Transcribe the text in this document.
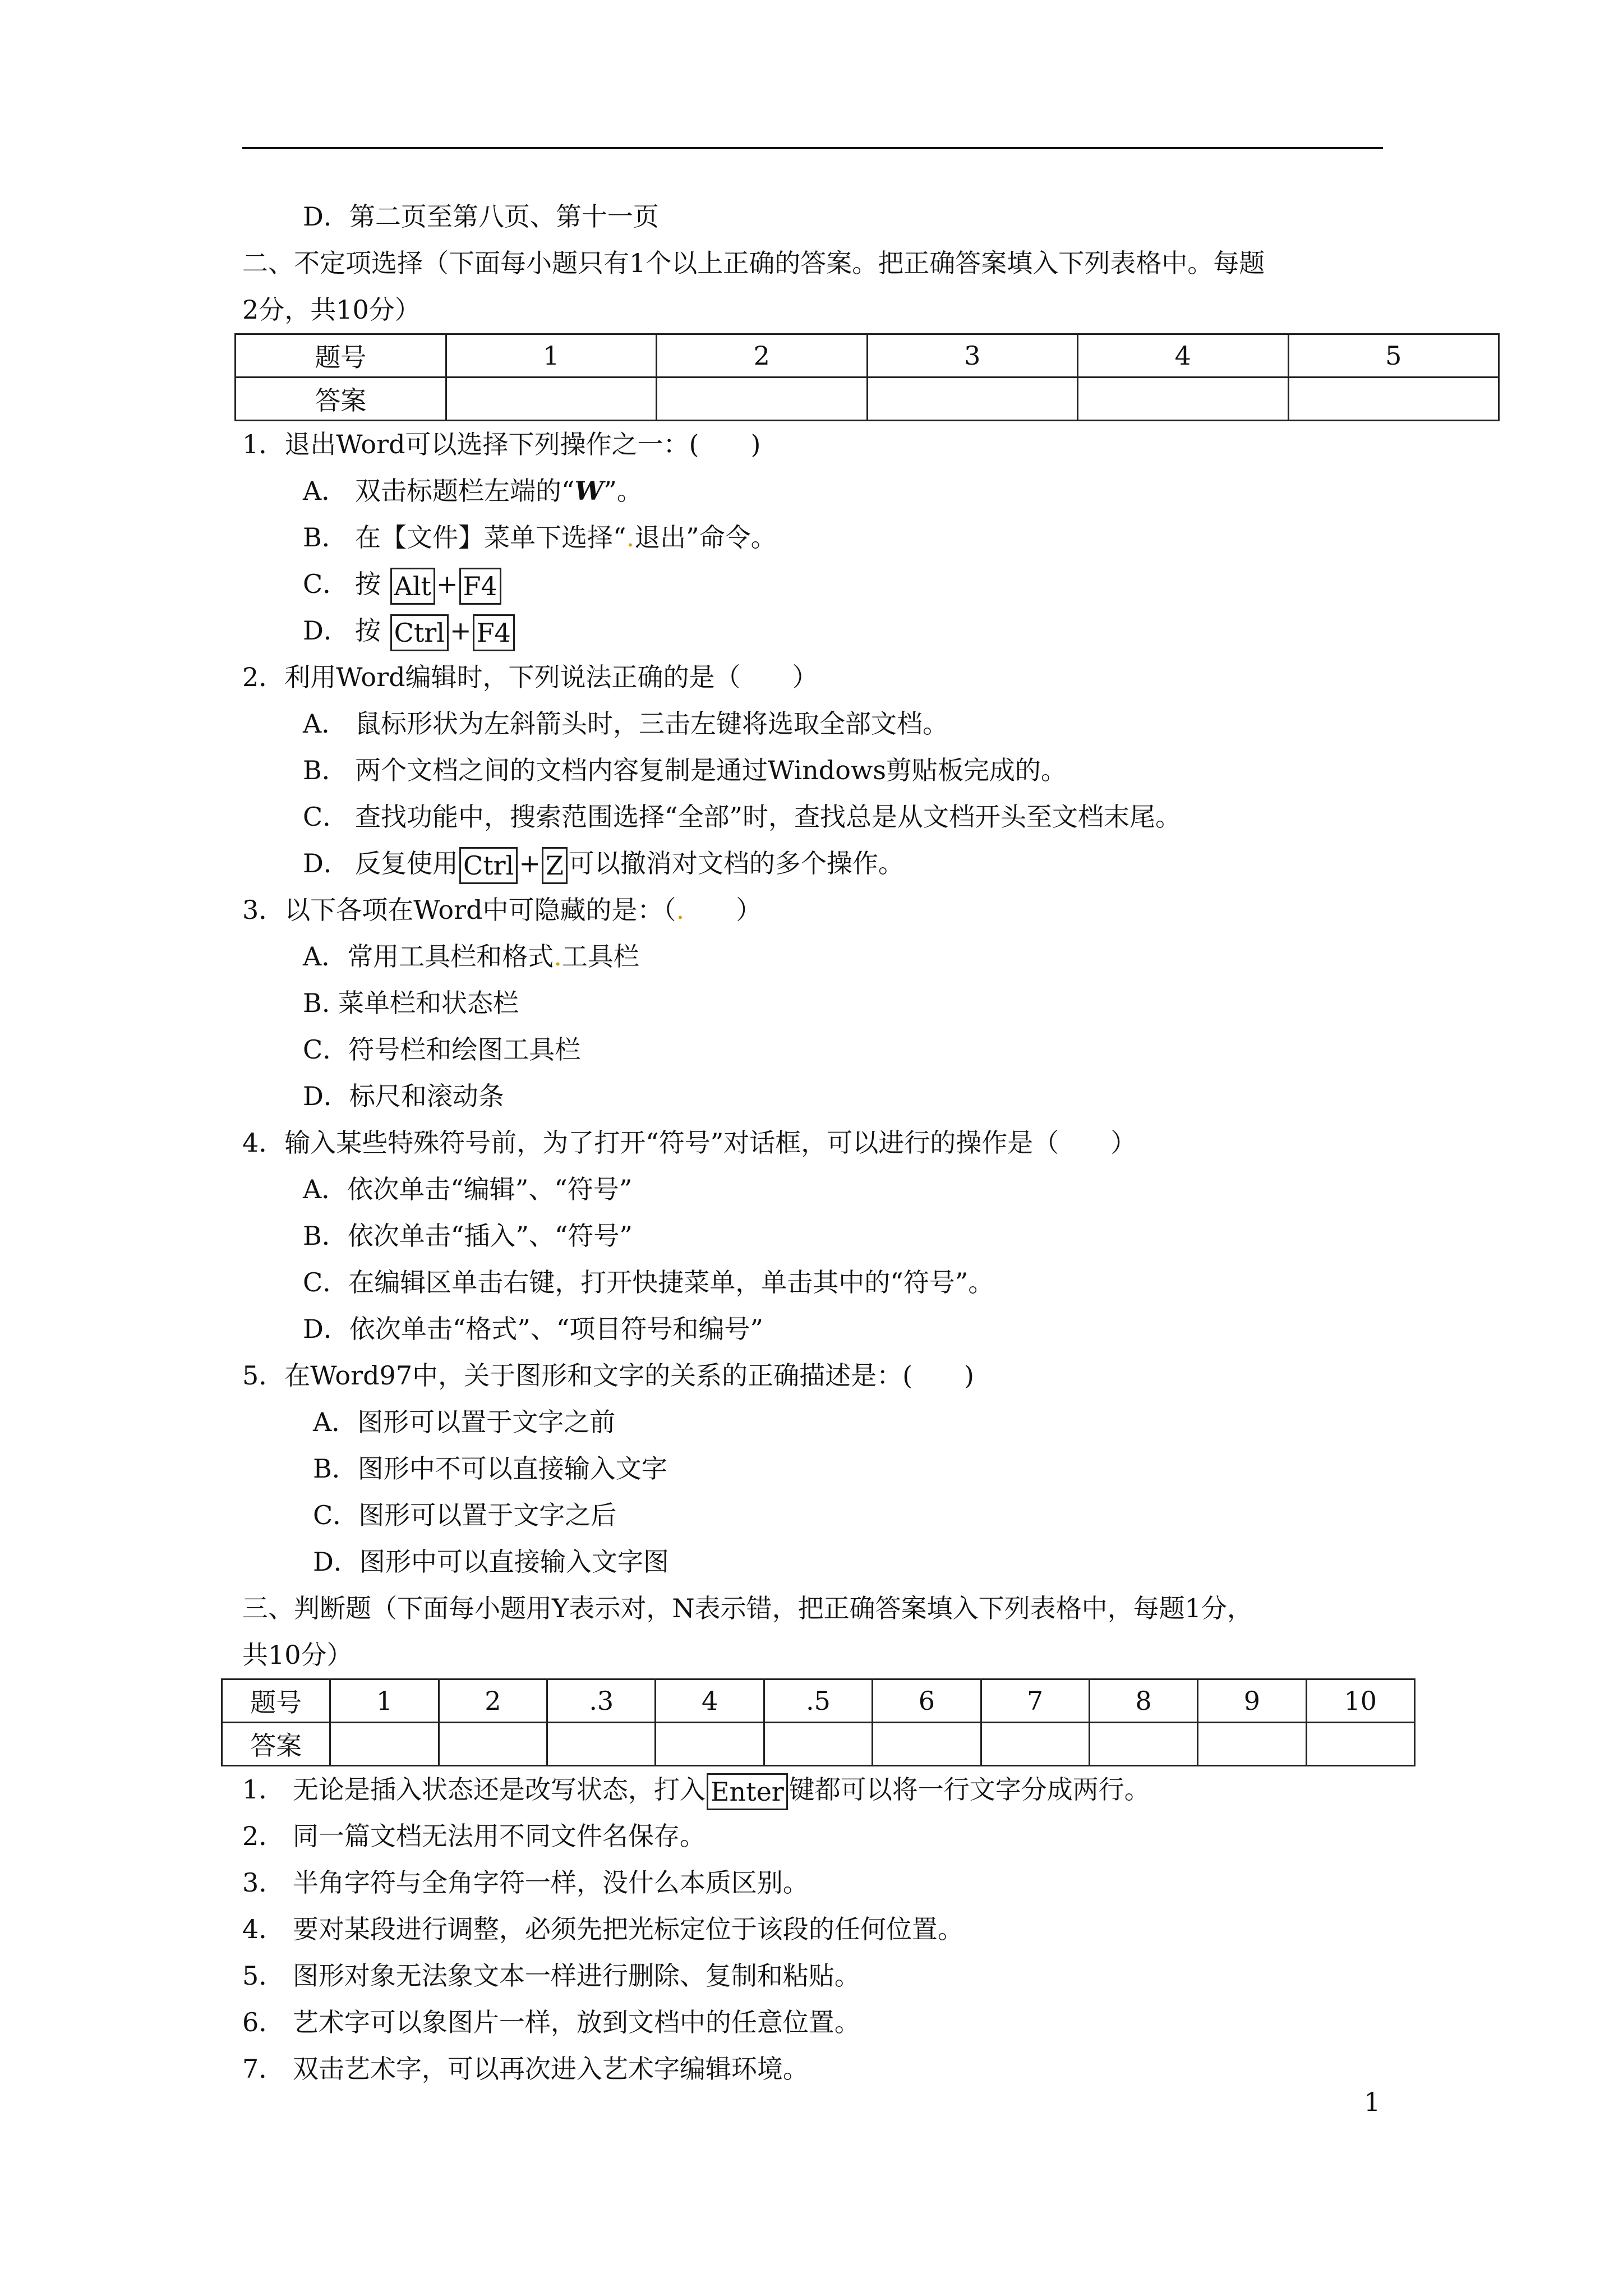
D．第二页至第八页、第十一页
二、不定项选择（下面每小题只有1个以上正确的答案。把正确答案填入下列表格中。每题
2分，共10分）
题号	1	2	3	4	5
答案					
1．退出Word可以选择下列操作之一：(　　)
A． 双击标题栏左端的“W”。
B． 在【文件】菜单下选择“.退出”命令。
C． 按 Alt + F4
D． 按 Ctrl + F4
2．利用Word编辑时，下列说法正确的是（　　）
A． 鼠标形状为左斜箭头时，三击左键将选取全部文档。
B． 两个文档之间的文档内容复制是通过Windows剪贴板完成的。
C． 查找功能中，搜索范围选择“全部”时，查找总是从文档开头至文档末尾。
D． 反复使用 Ctrl + Z 可以撤消对文档的多个操作。
3．以下各项在Word中可隐藏的是：（.　　）
A．常用工具栏和格式.工具栏
B. 菜单栏和状态栏
C．符号栏和绘图工具栏
D．标尺和滚动条
4．输入某些特殊符号前，为了打开“符号”对话框，可以进行的操作是（　　）
A．依次单击“编辑”、“符号”
B．依次单击“插入”、“符号”
C．在编辑区单击右键，打开快捷菜单，单击其中的“符号”。
D．依次单击“格式”、“项目符号和编号”
5．在Word97中，关于图形和文字的关系的正确描述是：(　　)
A．图形可以置于文字之前
B．图形中不可以直接输入文字
C．图形可以置于文字之后
D．图形中可以直接输入文字图
三、判断题（下面每小题用Y表示对，N表示错，把正确答案填入下列表格中，每题1分，
共10分）
题号	1	2	.3	4	.5	6	7	8	9	10
答案										
1． 无论是插入状态还是改写状态，打入 Enter 键都可以将一行文字分成两行。
2． 同一篇文档无法用不同文件名保存。
3． 半角字符与全角字符一样，没什么本质区别。
4． 要对某段进行调整，必须先把光标定位于该段的任何位置。
5． 图形对象无法象文本一样进行删除、复制和粘贴。
6． 艺术字可以象图片一样，放到文档中的任意位置。
7． 双击艺术字，可以再次进入艺术字编辑环境。
1
